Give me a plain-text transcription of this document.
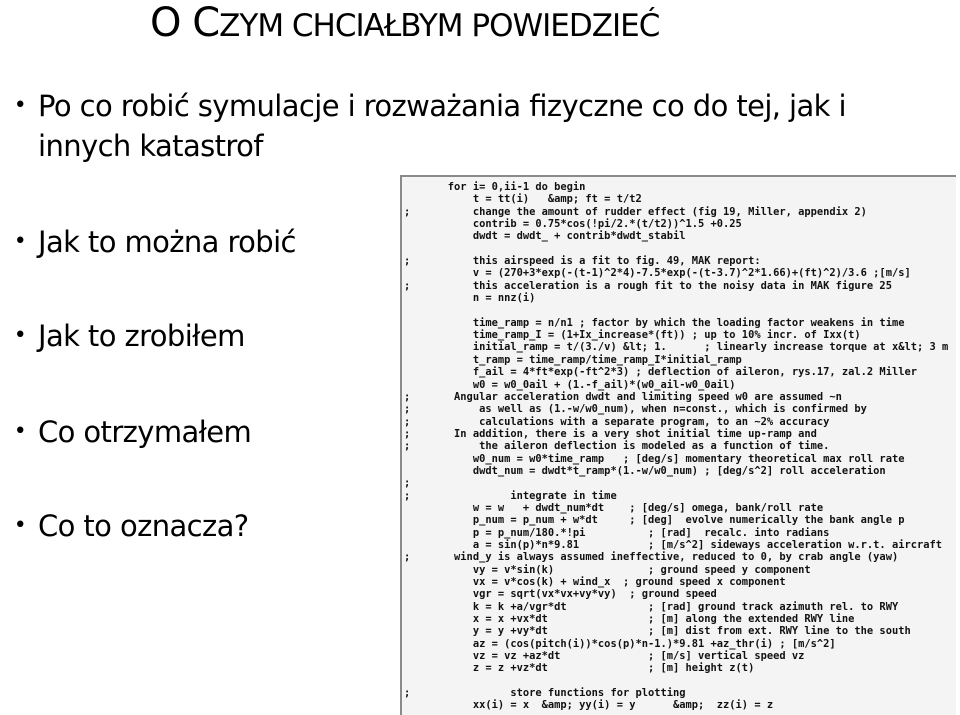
O CZYM CHCIAŁBYM POWIEDZIEĆ
• Po co robić symulacje i rozważania ﬁzyczne co do tej, jak i
innych katastrof
• Jak to można robić
• Jak to zrobiłem
• Co otrzymałem
• Co to oznacza?
for i= 0,ii-1 do begin
t = tt(i)   &amp; ft = t/t2
;          change the amount of rudder effect (fig 19, Miller, appendix 2)
contrib = 0.75*cos(!pi/2.*(t/t2))^1.5 +0.25
dwdt = dwdt_ + contrib*dwdt_stabil
;          this airspeed is a fit to fig. 49, MAK report:
v = (270+3*exp(-(t-1)^2*4)-7.5*exp(-(t-3.7)^2*1.66)+(ft)^2)/3.6 ;[m/s]
;          this acceleration is a rough fit to the noisy data in MAK figure 25
n = nnz(i)
time_ramp = n/n1 ; factor by which the loading factor weakens in time
time_ramp_I = (1+Ix_increase*(ft)) ; up to 10% incr. of Ixx(t)
initial_ramp = t/(3./v) &lt; 1.      ; linearly increase torque at x&lt; 3 m
t_ramp = time_ramp/time_ramp_I*initial_ramp
f_ail = 4*ft*exp(-ft^2*3) ; deflection of aileron, rys.17, zal.2 Miller
w0 = w0_0ail + (1.-f_ail)*(w0_ail-w0_0ail)
;       Angular acceleration dwdt and limiting speed w0 are assumed ~n
;           as well as (1.-w/w0_num), when n=const., which is confirmed by
;           calculations with a separate program, to an ~2% accuracy
;       In addition, there is a very shot initial time up-ramp and
;           the aileron deflection is modeled as a function of time.
w0_num = w0*time_ramp   ; [deg/s] momentary theoretical max roll rate
dwdt_num = dwdt*t_ramp*(1.-w/w0_num) ; [deg/s^2] roll acceleration
;
;                integrate in time
w = w   + dwdt_num*dt    ; [deg/s] omega, bank/roll rate
p_num = p_num + w*dt     ; [deg]  evolve numerically the bank angle p
p = p_num/180.*!pi          ; [rad]  recalc. into radians
a = sin(p)*n*9.81           ; [m/s^2] sideways acceleration w.r.t. aircraft
;       wind_y is always assumed ineffective, reduced to 0, by crab angle (yaw)
vy = v*sin(k)               ; ground speed y component
vx = v*cos(k) + wind_x  ; ground speed x component
vgr = sqrt(vx*vx+vy*vy)  ; ground speed
k = k +a/vgr*dt             ; [rad] ground track azimuth rel. to RWY
x = x +vx*dt                ; [m] along the extended RWY line
y = y +vy*dt                ; [m] dist from ext. RWY line to the south
az = (cos(pitch(i))*cos(p)*n-1.)*9.81 +az_thr(i) ; [m/s^2]
vz = vz +az*dt              ; [m/s] vertical speed vz
z = z +vz*dt                ; [m] height z(t)
;                store functions for plotting
xx(i) = x  &amp; yy(i) = y      &amp;  zz(i) = z
